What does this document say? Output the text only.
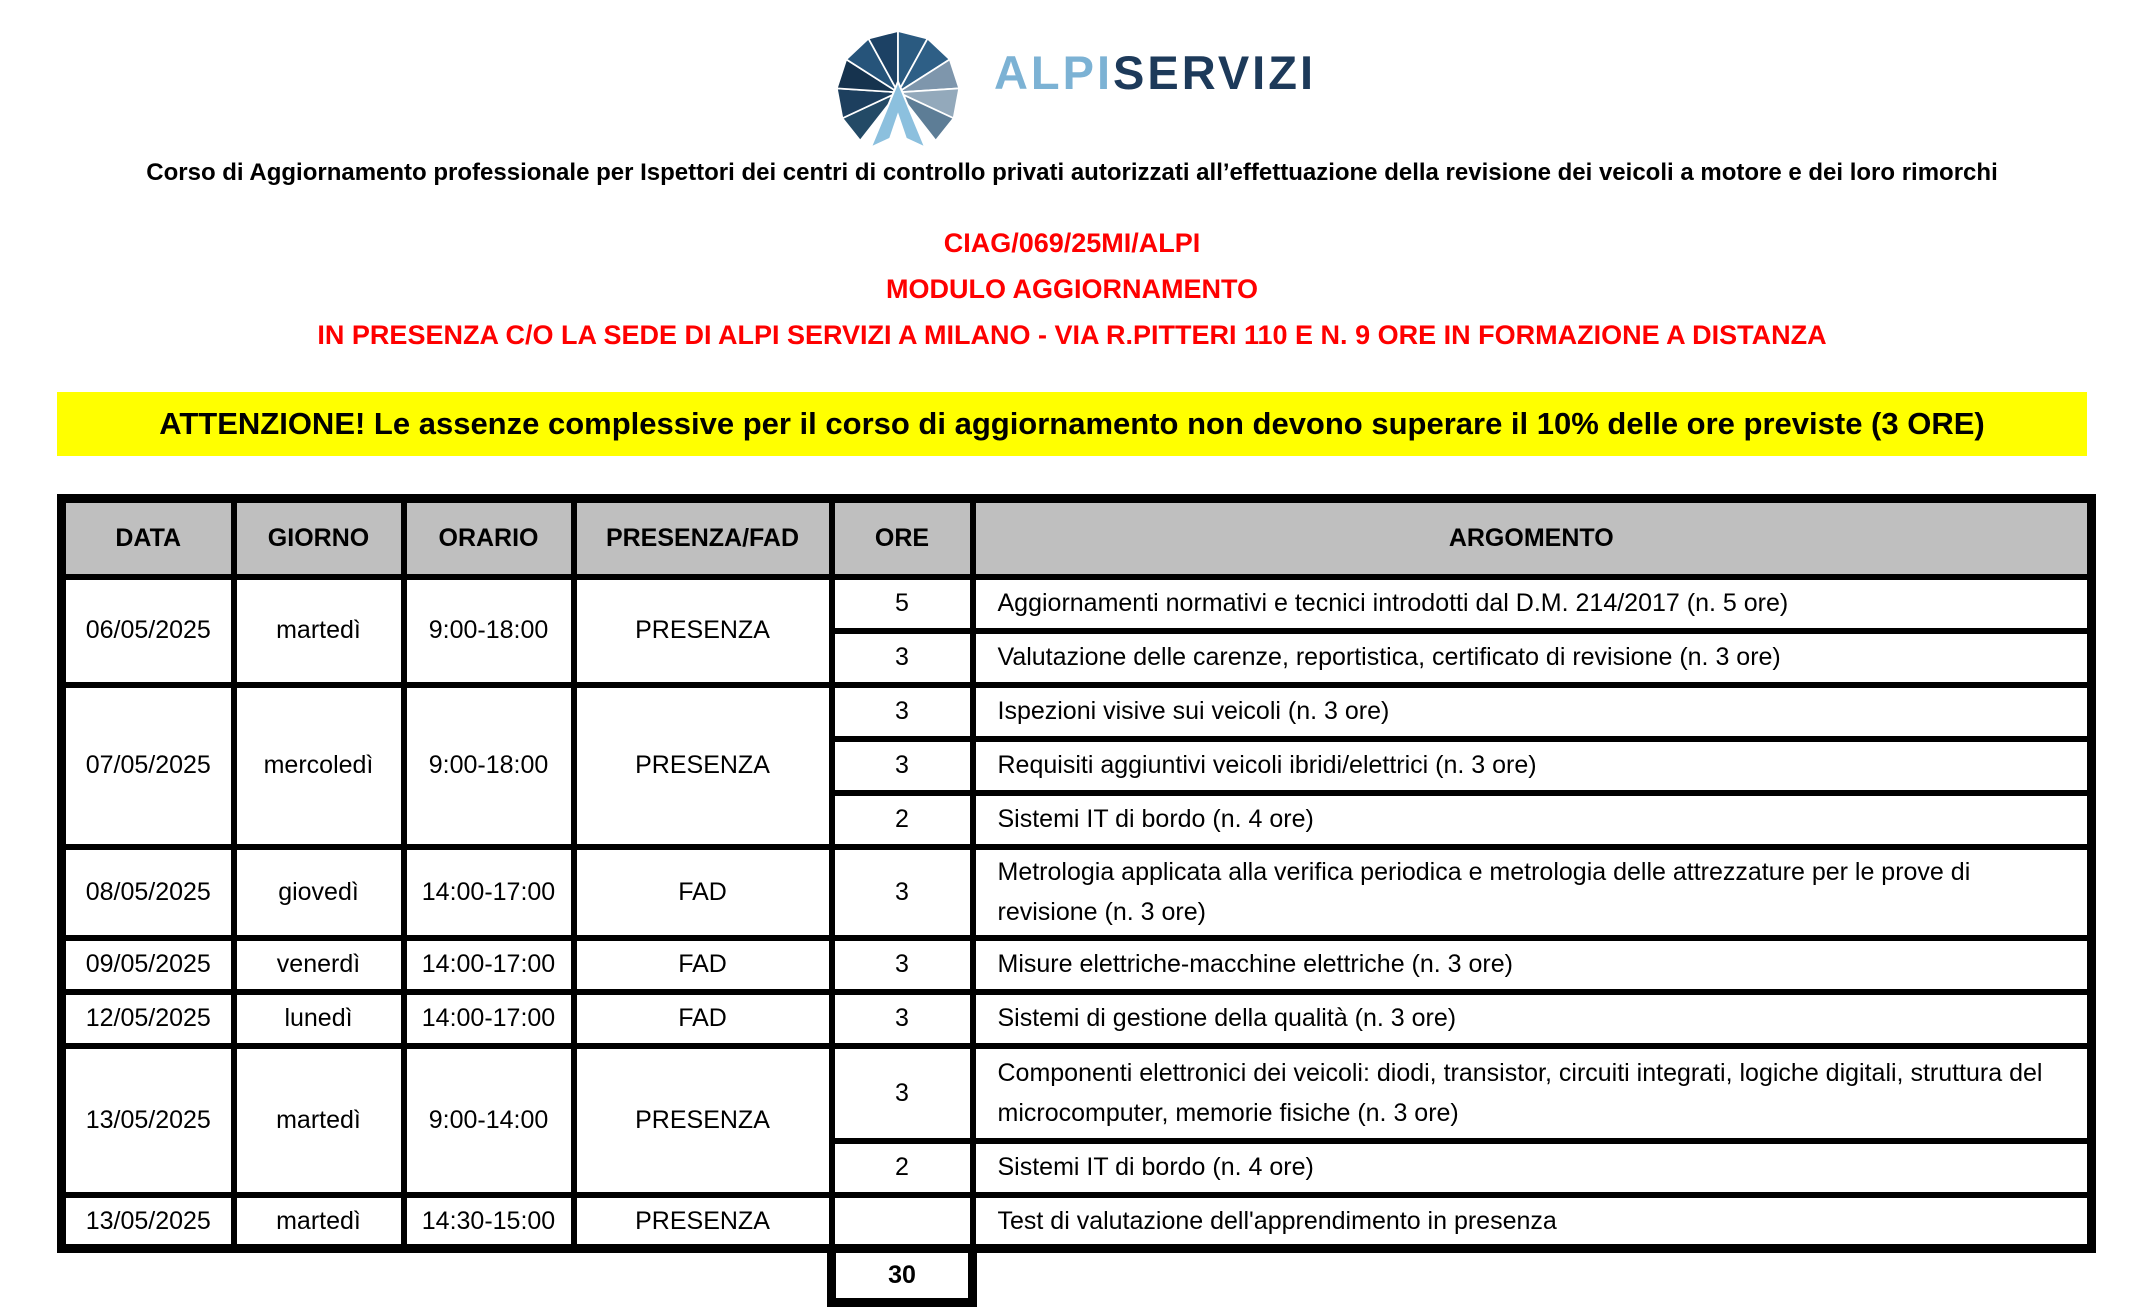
ALPI SERVIZI
Corso di Aggiornamento professionale per Ispettori dei centri di controllo privati autorizzati all’effettuazione della revisione dei veicoli a motore e dei loro rimorchi
CIAG/069/25MI/ALPI
MODULO AGGIORNAMENTO
IN PRESENZA C/O LA SEDE DI ALPI SERVIZI A MILANO - VIA R.PITTERI 110 E N. 9 ORE IN FORMAZIONE A DISTANZA
ATTENZIONE! Le assenze complessive per il corso di aggiornamento non devono superare il 10% delle ore previste (3 ORE)
DATA	GIORNO	ORARIO	PRESENZA/FAD	ORE	ARGOMENTO
06/05/2025	martedì	9:00-18:00	PRESENZA	5	Aggiornamenti normativi e tecnici introdotti dal D.M. 214/2017 (n. 5 ore)
				3	Valutazione delle carenze, reportistica, certificato di revisione (n. 3 ore)
07/05/2025	mercoledì	9:00-18:00	PRESENZA	3	Ispezioni visive sui veicoli (n. 3 ore)
				3	Requisiti aggiuntivi veicoli ibridi/elettrici (n. 3 ore)
				2	Sistemi IT di bordo (n. 4 ore)
08/05/2025	giovedì	14:00-17:00	FAD	3	Metrologia applicata alla verifica periodica e metrologia delle attrezzature per le prove di revisione (n. 3 ore)
09/05/2025	venerdì	14:00-17:00	FAD	3	Misure elettriche-macchine elettriche (n. 3 ore)
12/05/2025	lunedì	14:00-17:00	FAD	3	Sistemi di gestione della qualità (n. 3 ore)
13/05/2025	martedì	9:00-14:00	PRESENZA	3	Componenti elettronici dei veicoli: diodi, transistor, circuiti integrati, logiche digitali, struttura del microcomputer, memorie fisiche (n. 3 ore)
				2	Sistemi IT di bordo (n. 4 ore)
13/05/2025	martedì	14:30-15:00	PRESENZA		Test di valutazione dell'apprendimento in presenza
				30	
